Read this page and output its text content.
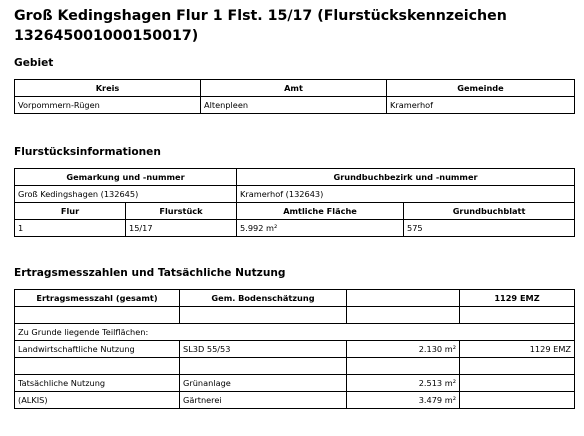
Groß Kedingshagen Flur 1 Flst. 15/17 (Flurstückskennzeichen 132645001000150017)
Gebiet
Kreis	Amt	Gemeinde
Vorpommern-Rügen	Altenpleen	Kramerhof
Flurstücksinformationen
Gemarkung und -nummer		Grundbuchbezirk und -nummer	
Groß Kedingshagen (132645)		Kramerhof (132643)	
Flur	Flurstück	Amtliche Fläche	Grundbuchblatt
1	15/17	5.992 m²	575
Ertragsmesszahlen und Tatsächliche Nutzung
Ertragsmesszahl (gesamt)	Gem. Bodenschätzung		1129 EMZ

Zu Grunde liegende Teilflächen:			
Landwirtschaftliche Nutzung	SL3D 55/53	2.130 m²	1129 EMZ

Tatsächliche Nutzung	Grünanlage	2.513 m²	
(ALKIS)	Gärtnerei	3.479 m²	
